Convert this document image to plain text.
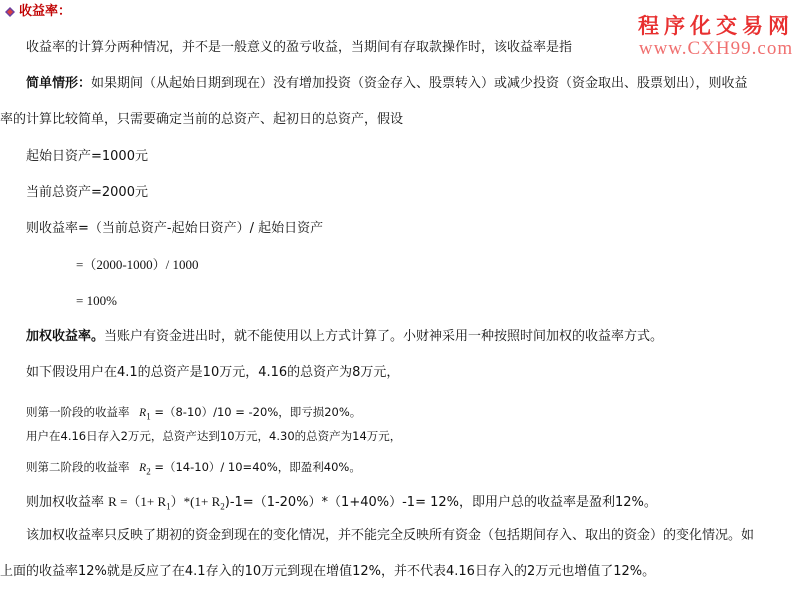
收益率：
程序化交易网
www.CXH99.com
收益率的计算分两种情况，并不是一般意义的盈亏收益，当期间有存取款操作时，该收益率是指
简单情形：如果期间（从起始日期到现在）没有增加投资（资金存入、股票转入）或减少投资（资金取出、股票划出），则收益
率的计算比较简单，只需要确定当前的总资产、起初日的总资产，假设
起始日资产=1000元
当前总资产=2000元
则收益率=（当前总资产-起始日资产）/ 起始日资产
=（2000-1000）/ 1000
= 100%
加权收益率。当账户有资金进出时，就不能使用以上方式计算了。小财神采用一种按照时间加权的收益率方式。
如下假设用户在4.1的总资产是10万元，4.16的总资产为8万元，
则第一阶段的收益率 $R_1 =(8-10)/10 = -20\%$，即亏损20%。
用户在4.16日存入2万元，总资产达到10万元，4.30的总资产为14万元，
则第二阶段的收益率 $R_2 =(14-10)/$ 10=40%，即盈利40%。
则加权收益率 $R =(1+ R_1)*(1+ R_2)-1=(1-20\%)*(1+40\%)-1= 12\%$，即用户总的收益率是盈利12%。
该加权收益率只反映了期初的资金到现在的变化情况，并不能完全反映所有资金（包括期间存入、取出的资金）的变化情况。如
上面的收益率12%就是反应了在4.1存入的10万元到现在增值12%，并不代表4.16日存入的2万元也增值了12%。
